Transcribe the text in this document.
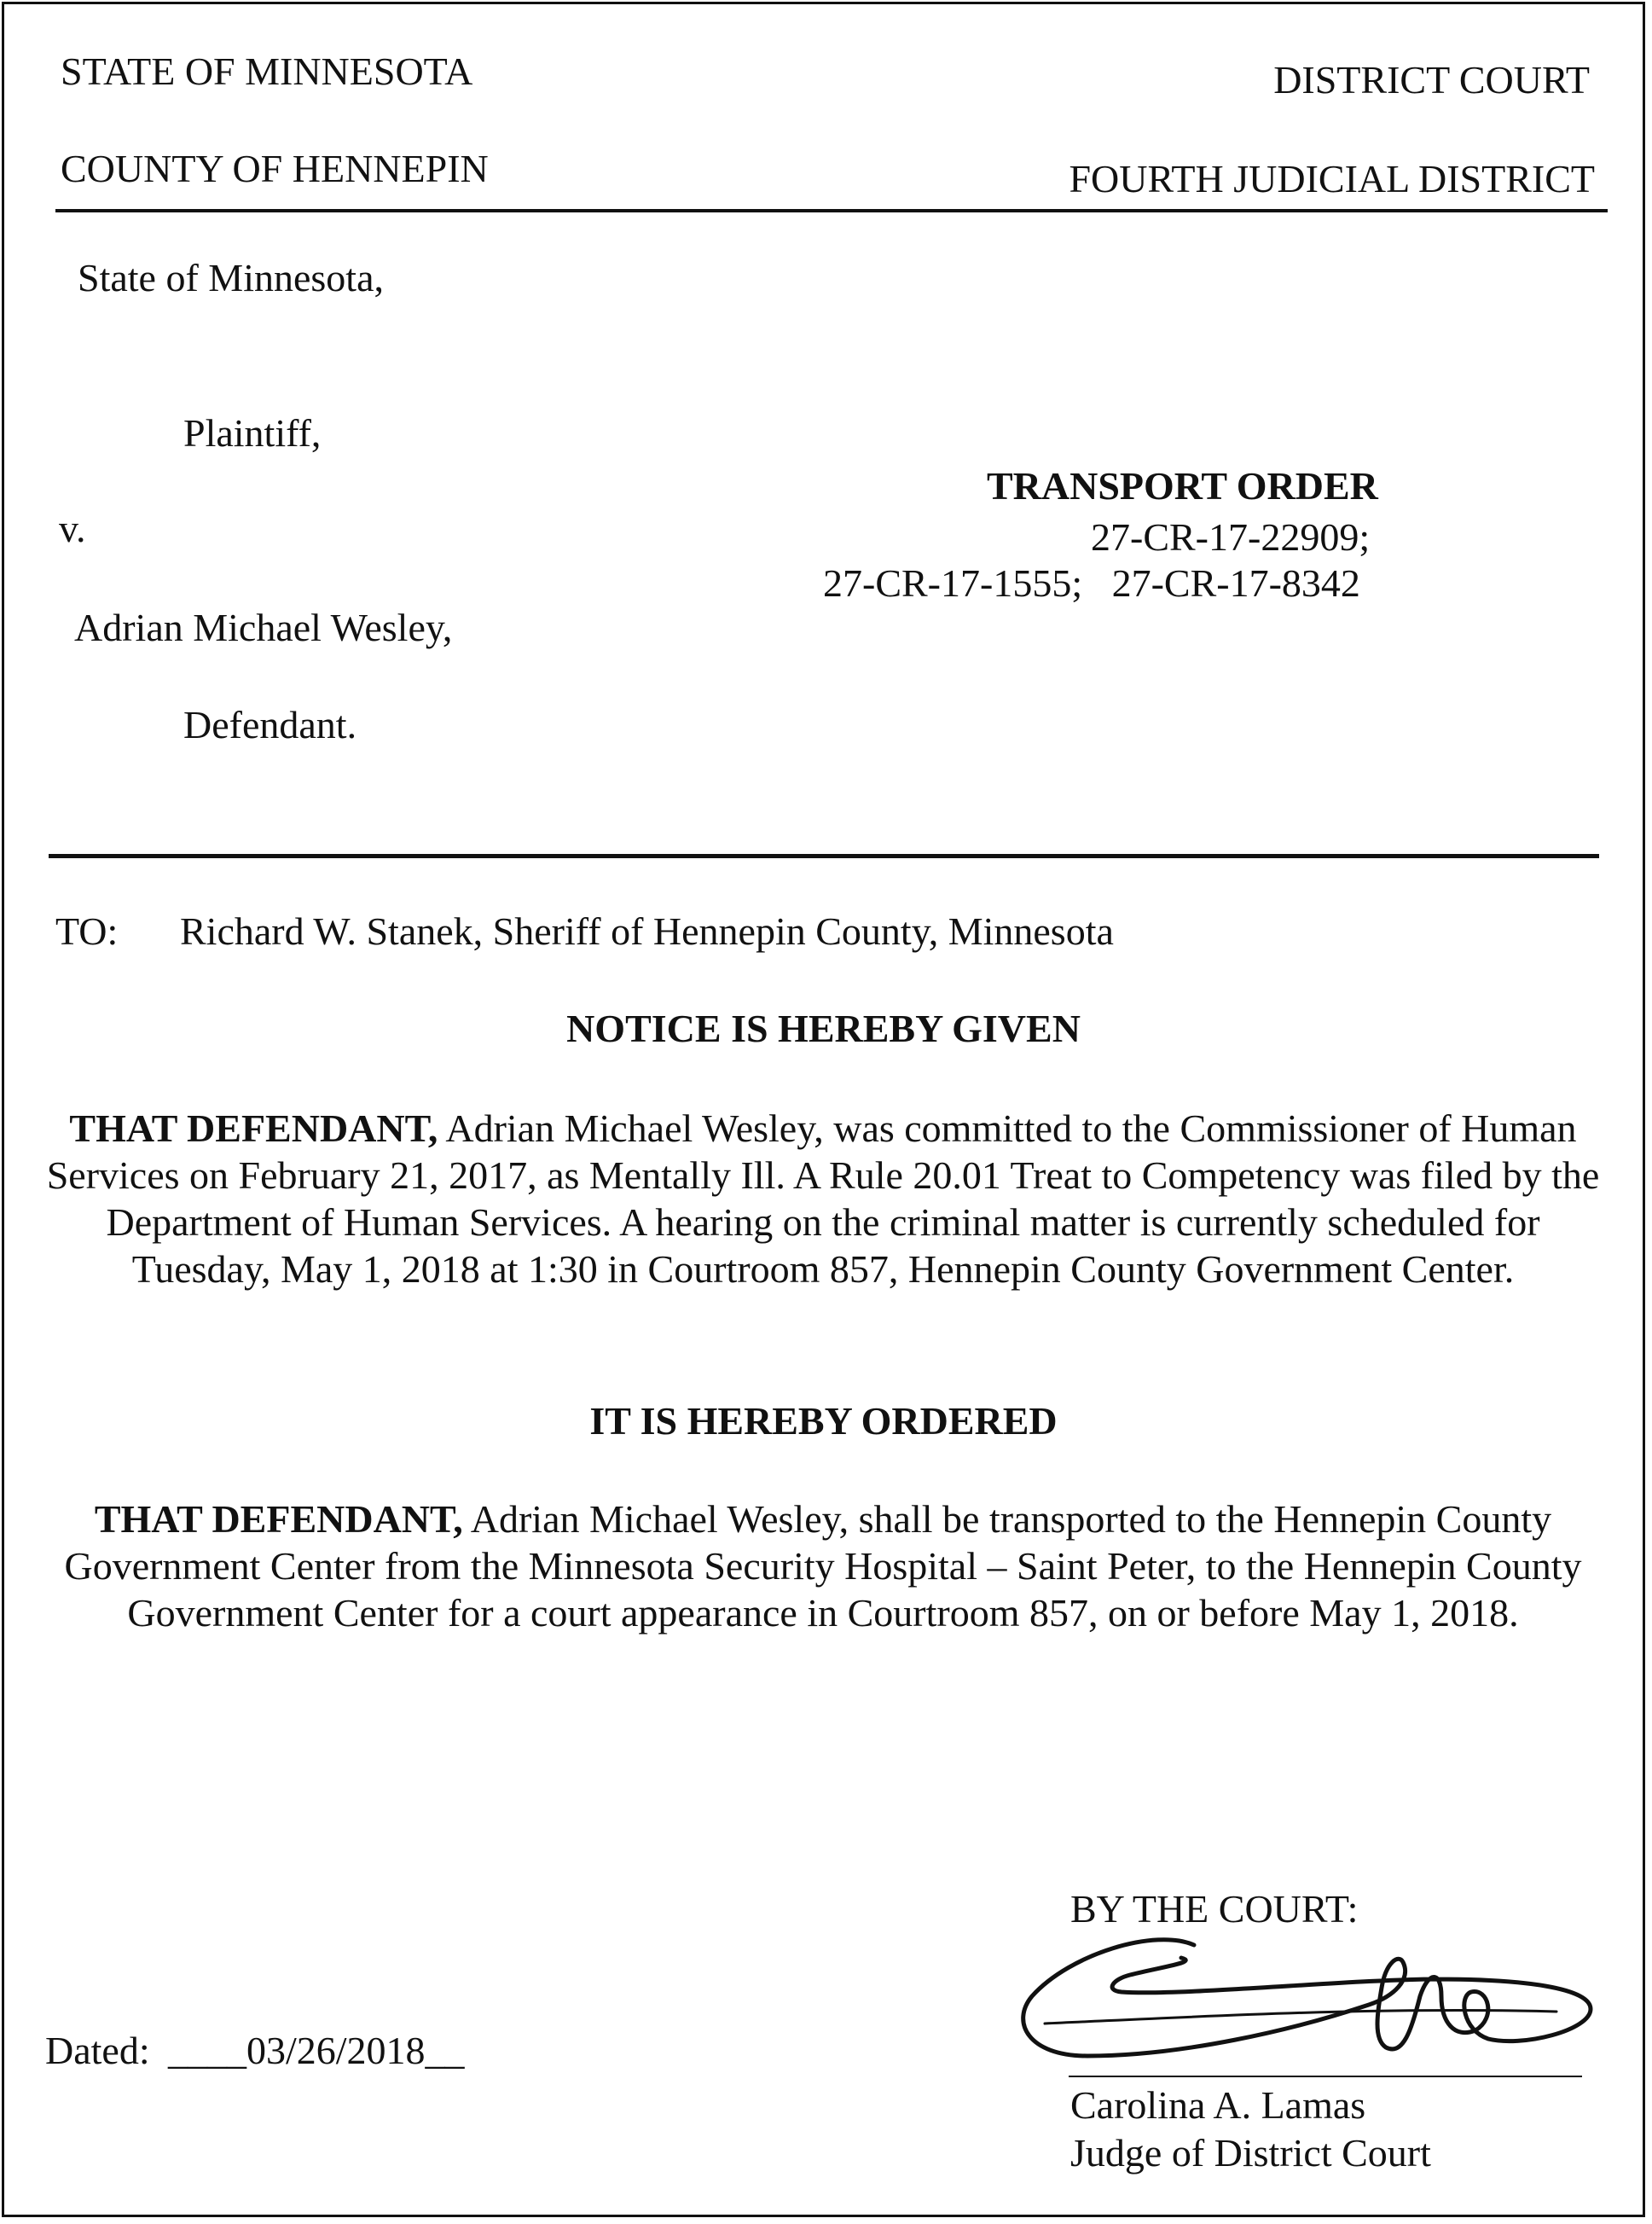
STATE OF MINNESOTA	DISTRICT COURT
COUNTY OF HENNEPIN	FOURTH JUDICIAL DISTRICT
State of Minnesota,
Plaintiff,
v.
Adrian Michael Wesley,
Defendant.
TRANSPORT ORDER
27-CR-17-22909;
27-CR-17-1555;   27-CR-17-8342
TO: Richard W. Stanek, Sheriff of Hennepin County, Minnesota
NOTICE IS HEREBY GIVEN
THAT DEFENDANT, Adrian Michael Wesley, was committed to the Commissioner of Human Services on February 21, 2017, as Mentally Ill. A Rule 20.01 Treat to Competency was filed by the Department of Human Services. A hearing on the criminal matter is currently scheduled for Tuesday, May 1, 2018 at 1:30 in Courtroom 857, Hennepin County Government Center.
IT IS HEREBY ORDERED
THAT DEFENDANT, Adrian Michael Wesley, shall be transported to the Hennepin County Government Center from the Minnesota Security Hospital – Saint Peter, to the Hennepin County Government Center for a court appearance in Courtroom 857, on or before May 1, 2018.
BY THE COURT:
Carolina A. Lamas
Judge of District Court
Dated: ____03/26/2018__
